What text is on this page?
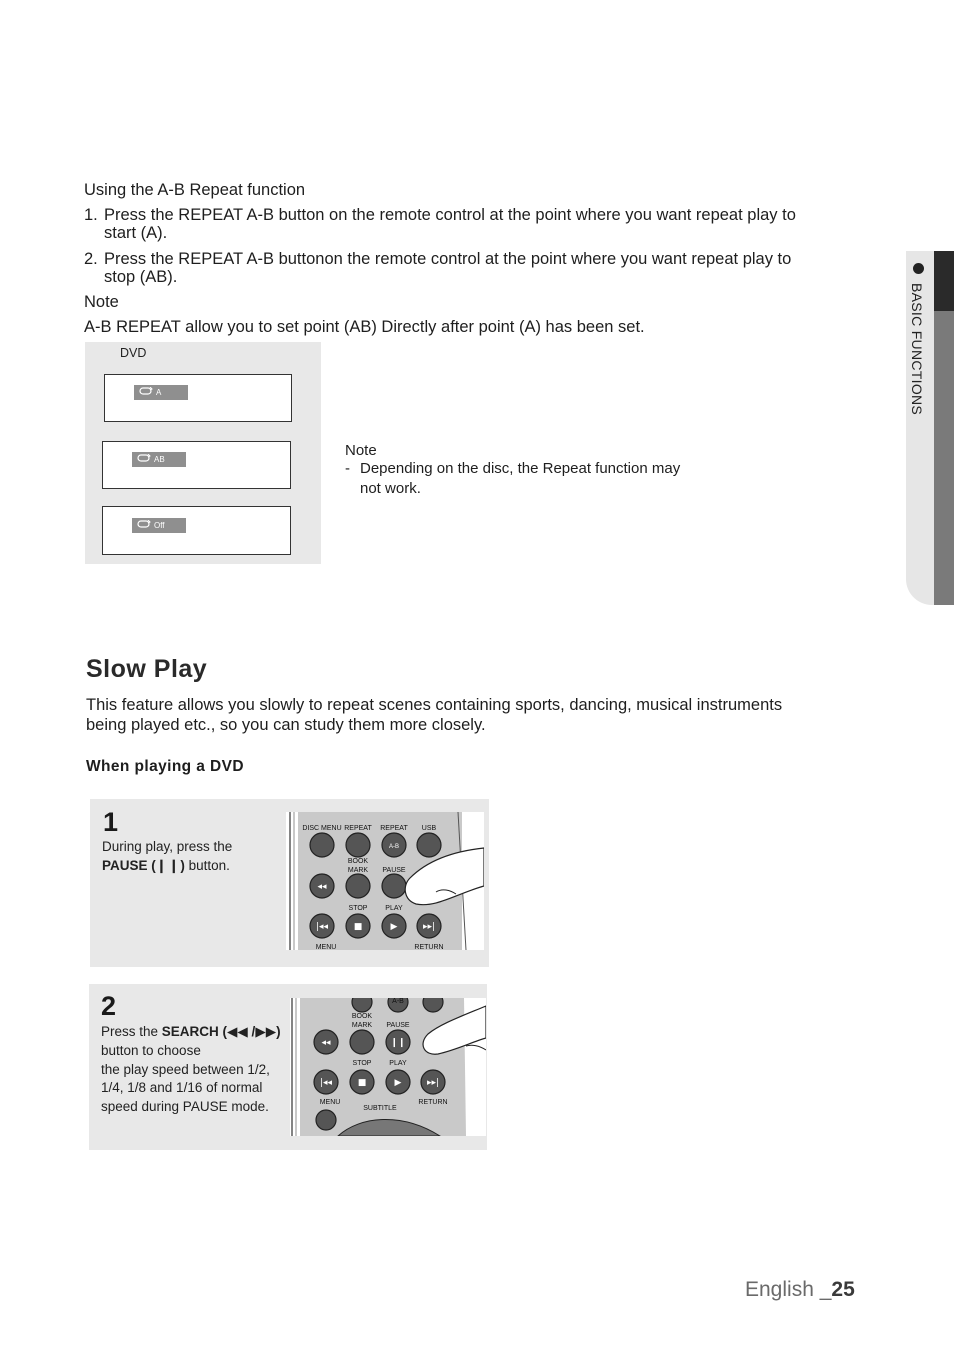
BASIC FUNCTIONS
Using the A-B Repeat function
1. Press the REPEAT A-B button on the remote control at the point where you want repeat play to
start (A).
2. Press the REPEAT A-B buttonon the remote control at the point where you want repeat play to
stop (AB).
Note
A-B REPEAT allow you to set point (AB) Directly after point (A) has been set.
DVD
A
AB
Off
Note
- Depending on the disc, the Repeat function may
not work.
Slow Play
This feature allows you slowly to repeat scenes containing sports, dancing, musical instruments
being played etc., so you can study them more closely.
When playing a DVD
1
During play, press the
PAUSE (❙❙) button.
DISC MENU REPEAT REPEAT USB
BOOK
MARK PAUSE
STOP	PLAY
MENU	RETURN
A-B
◂◂
|◂◂	■	▶	▸▸|
2
Press the SEARCH (◀◀ /▶▶)
button to choose
the play speed between 1/2,
1/4, 1/8 and 1/16 of normal
speed during PAUSE mode.
A-B
BOOK
MARK PAUSE
STOP	PLAY
MENU
SUBTITLE
RETURN
◂◂	❙❙
|◂◂	■	▶	▸▸|
English _25
